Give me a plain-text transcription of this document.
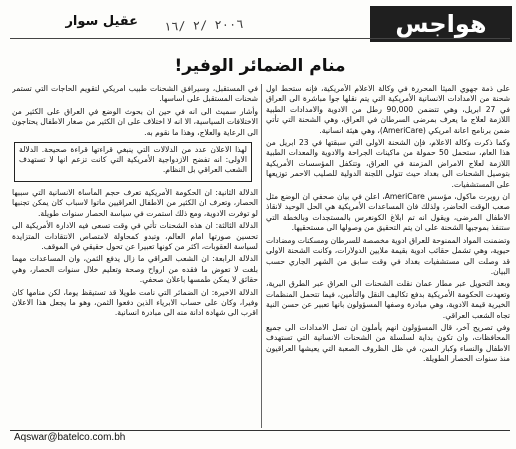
هواجس
٢٠٠٦ /٢ /١٦
عقيل سوار
منام الضمائر الوفير!

على ذمة جهوي الميثا المحررة في وكالة الاعلام الأمريكية، فإنه ستحط اول شحنة من الامدادات الانسانية الأمريكية التي يتم نقلها جوا مباشرة الى العراق في 27 ابريل، وهي تتضمن 90,000 رطل من الادوية والامدادات الطبية اللازمة لعلاج ما يعرف بمرضى السرطان في العراق، وهي الشحنة التي تأتي ضمن برنامج اعانة امريكي (AmeriCare)، وهي هيئة انسانية.

وكما ذكرت وكالة الاعلام، فإن الشحنة الاولى التي سبقتها في 23 ابريل من هذا العام، ستحمل 50 حمولة من ماكينات الجراحة والادوية والمعدات الطبية اللازمة لعلاج الامراض المزمنة في العراق، وتتكفل المؤسسات الأمريكية بتوصيل الشحنات الى بغداد حيث تتولى اللجنة الدولية للصليب الاحمر توزيعها على المستشفيات.

ان روبرت ماكول، مؤسس AmeriCare، اعلن في بيان صحفي ان الوضع مثل صعب الوقت الحاضر، ولذلك فان المساعدات الأمريكية هي الحل الوحيد لانقاذ الاطفال المرضى، ويقول انه تم ابلاغ الكونغرس بالمستجدات وبالخطة التي ستنفذ بموجبها الشحنة على ان يتم التحقيق من وصولها الى مستحقيها.

وتضمنت المواد الممنوحة للعراق ادوية مخصصة للسرطان ومسكنات ومضادات حيوية، وهي تشمل حقائب ادوية بقيمة ملايين الدولارات، وكانت الشحنة الاولى قد وصلت الى مستشفيات بغداد في وقت سابق من الشهر الجاري حسب البيان.

وبعد التحويل عبر مطار عمان نقلت الشحنات الى العراق عبر الطرق البرية، وتعهدت الحكومة الأمريكية بدفع تكاليف النقل والتأمين، فيما تتحمل المنظمات الخيرية قيمة الادوية، وهي مبادرة وصفها المسؤولون بانها تعبير عن حسن النية تجاه الشعب العراقي.

وفي تصريح آخر، قال المسؤولون انهم يأملون ان تصل الامدادات الى جميع المحافظات، وان تكون بداية لسلسلة من الشحنات الانسانية التي تستهدف الاطفال والنساء وكبار السن، في ظل الظروف الصعبة التي يعيشها العراقيون منذ سنوات الحصار الطويلة.

في المستقبل، وسيرافق الشحنات طبيب امريكي لتقويم الحاجات التي تستمر شحنات المستقبل على اساسها.

وأشار سميث الى انه في حين ان بحوث الوضع في العراق على الكثير من الاختلافات السياسية، الا انه لا اختلاف على ان الكثير من صغار الاطفال يحتاجون الى الرعاية والعلاج، وهذا ما نقوم به.

لهذا الاعلان عدد من الدلالات التي ينبغي قراءتها قراءة صحيحة. الدلالة الاولى: انه تفضح الازدواجية الأمريكية التي كانت تزعم انها لا تستهدف الشعب العراقي بل النظام.

الدلالة الثانية: ان الحكومة الأمريكية تعرف حجم المأساة الانسانية التي سببها الحصار، وتعرف ان الكثير من الاطفال العراقيين ماتوا لاسباب كان يمكن تجنبها لو توفرت الادوية، ومع ذلك استمرت في سياسة الحصار سنوات طويلة.

الدلالة الثالثة: ان هذه الشحنات تأتي في وقت تسعى فيه الادارة الأمريكية الى تحسين صورتها امام العالم، وتبدو كمحاولة لامتصاص الانتقادات المتزايدة لسياسة العقوبات، اكثر من كونها تعبيرا عن تحول حقيقي في الموقف.

الدلالة الرابعة: ان الشعب العراقي ما زال يدفع الثمن، وان المساعدات مهما بلغت لا تعوض ما فقده من ارواح وصحة وتعليم خلال سنوات الحصار، وهي حقائق لا يمكن طمسها باعلان صحفي.

الدلالة الاخيرة: ان الضمائر التي نامت طويلا قد تستيقظ يوما، لكن منامها كان وفيرا، وكان على حساب الابرياء الذين دفعوا الثمن، وهو ما يجعل هذا الاعلان اقرب الى شهادة ادانة منه الى مبادرة انسانية.

Aqswar@batelco.com.bh
